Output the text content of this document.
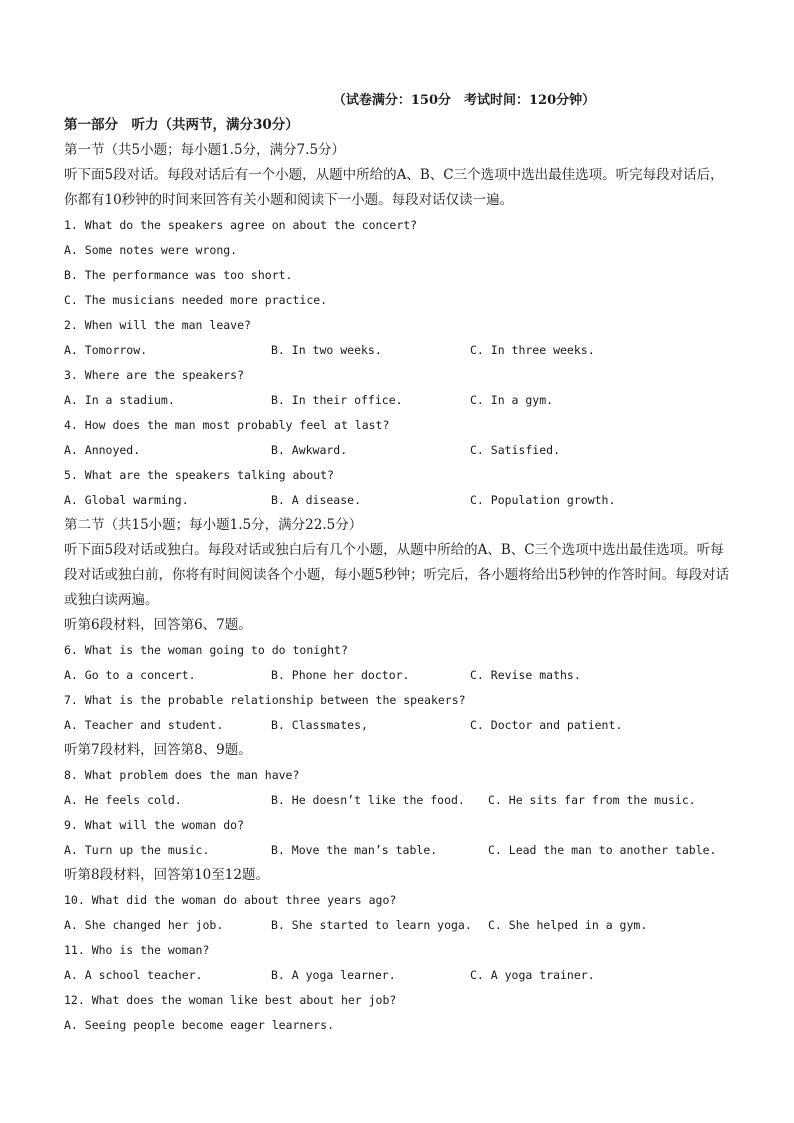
（试卷满分：150分　考试时间：120分钟）
第一部分　听力（共两节，满分30分）
第一节（共5小题；每小题1.5分，满分7.5分）
听下面5段对话。每段对话后有一个小题，从题中所给的A、B、C三个选项中选出最佳选项。听完每段对话后，你都有10秒钟的时间来回答有关小题和阅读下一小题。每段对话仅读一遍。
1. What do the speakers agree on about the concert?
A. Some notes were wrong.
B. The performance was too short.
C. The musicians needed more practice.
2. When will the man leave?
A. Tomorrow.	B. In two weeks.	C. In three weeks.
3. Where are the speakers?
A. In a stadium.	B. In their office.	C. In a gym.
4. How does the man most probably feel at last?
A. Annoyed.	B. Awkward.	C. Satisfied.
5. What are the speakers talking about?
A. Global warming.	B. A disease.	C. Population growth.
第二节（共15小题；每小题1.5分，满分22.5分）
听下面5段对话或独白。每段对话或独白后有几个小题，从题中所给的A、B、C三个选项中选出最佳选项。听每段对话或独白前，你将有时间阅读各个小题，每小题5秒钟；听完后，各小题将给出5秒钟的作答时间。每段对话或独白读两遍。
听第6段材料，回答第6、7题。
6. What is the woman going to do tonight?
A. Go to a concert.	B. Phone her doctor.	C. Revise maths.
7. What is the probable relationship between the speakers?
A. Teacher and student.	B. Classmates,	C. Doctor and patient.
听第7段材料，回答第8、9题。
8. What problem does the man have?
A. He feels cold.	B. He doesn’t like the food. C. He sits far from the music.
9. What will the woman do?
A. Turn up the music.	B. Move the man’s table.	C. Lead the man to another table.
听第8段材料，回答第10至12题。
10. What did the woman do about three years ago?
A. She changed her job.	B. She started to learn yoga. C. She helped in a gym.
11. Who is the woman?
A. A school teacher.	B. A yoga learner.	C. A yoga trainer.
12. What does the woman like best about her job?
A. Seeing people become eager learners.
